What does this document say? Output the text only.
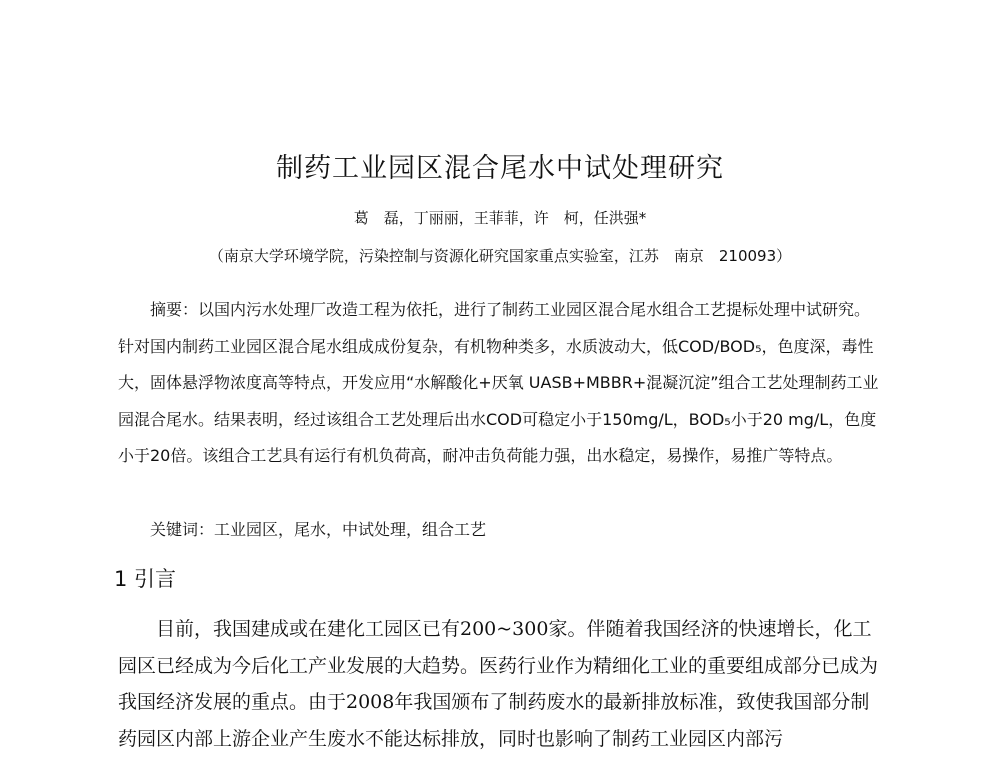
制药工业园区混合尾水中试处理研究
葛　磊，丁丽丽，王菲菲，许　柯，任洪强*
（南京大学环境学院，污染控制与资源化研究国家重点实验室，江苏　南京　210093）
摘要：以国内污水处理厂改造工程为依托，进行了制药工业园区混合尾水组合工艺提标处理中试研究。针对国内制药工业园区混合尾水组成成份复杂，有机物种类多，水质波动大，低COD/BOD₅，色度深，毒性大，固体悬浮物浓度高等特点，开发应用“水解酸化+厌氧 UASB+MBBR+混凝沉淀”组合工艺处理制药工业园混合尾水。结果表明，经过该组合工艺处理后出水COD可稳定小于150mg/L，BOD₅小于20 mg/L，色度小于20倍。该组合工艺具有运行有机负荷高，耐冲击负荷能力强，出水稳定，易操作，易推广等特点。
关键词：工业园区，尾水，中试处理，组合工艺
1 引言
目前，我国建成或在建化工园区已有200~300家。伴随着我国经济的快速增长，化工园区已经成为今后化工产业发展的大趋势。医药行业作为精细化工业的重要组成部分已成为我国经济发展的重点。由于2008年我国颁布了制药废水的最新排放标准，致使我国部分制药园区内部上游企业产生废水不能达标排放，同时也影响了制药工业园区内部污
